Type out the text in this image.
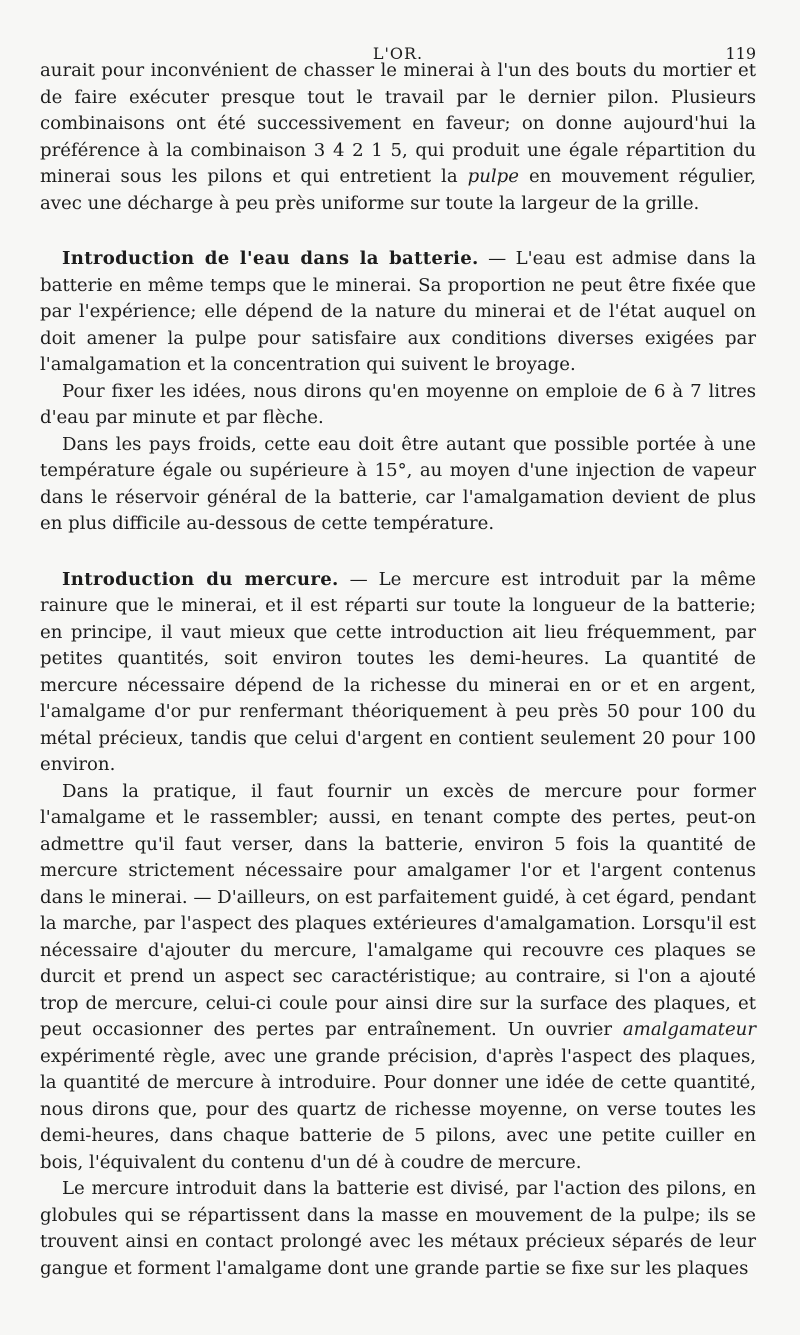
L'OR.	119

aurait pour inconvénient de chasser le minerai à l'un des bouts du mortier et de faire exécuter presque tout le travail par le dernier pilon. Plusieurs combinaisons ont été successivement en faveur; on donne aujourd'hui la préférence à la combinaison 3 4 2 1 5, qui produit une égale répartition du minerai sous les pilons et qui entretient la pulpe en mouvement régulier, avec une décharge à peu près uniforme sur toute la largeur de la grille.

Introduction de l'eau dans la batterie. — L'eau est admise dans la batterie en même temps que le minerai. Sa proportion ne peut être fixée que par l'expérience; elle dépend de la nature du minerai et de l'état auquel on doit amener la pulpe pour satisfaire aux conditions diverses exigées par l'amalgamation et la concentration qui suivent le broyage.

Pour fixer les idées, nous dirons qu'en moyenne on emploie de 6 à 7 litres d'eau par minute et par flèche.

Dans les pays froids, cette eau doit être autant que possible portée à une température égale ou supérieure à 15°, au moyen d'une injection de vapeur dans le réservoir général de la batterie, car l'amalgamation devient de plus en plus difficile au-dessous de cette température.

Introduction du mercure. — Le mercure est introduit par la même rainure que le minerai, et il est réparti sur toute la longueur de la batterie; en principe, il vaut mieux que cette introduction ait lieu fréquemment, par petites quantités, soit environ toutes les demi-heures. La quantité de mercure nécessaire dépend de la richesse du minerai en or et en argent, l'amalgame d'or pur renfermant théoriquement à peu près 50 pour 100 du métal précieux, tandis que celui d'argent en contient seulement 20 pour 100 environ.

Dans la pratique, il faut fournir un excès de mercure pour former l'amalgame et le rassembler; aussi, en tenant compte des pertes, peut-on admettre qu'il faut verser, dans la batterie, environ 5 fois la quantité de mercure strictement nécessaire pour amalgamer l'or et l'argent contenus dans le minerai. — D'ailleurs, on est parfaitement guidé, à cet égard, pendant la marche, par l'aspect des plaques extérieures d'amalgamation. Lorsqu'il est nécessaire d'ajouter du mercure, l'amalgame qui recouvre ces plaques se durcit et prend un aspect sec caractéristique; au contraire, si l'on a ajouté trop de mercure, celui-ci coule pour ainsi dire sur la surface des plaques, et peut occasionner des pertes par entraînement. Un ouvrier amalgamateur expérimenté règle, avec une grande précision, d'après l'aspect des plaques, la quantité de mercure à introduire. Pour donner une idée de cette quantité, nous dirons que, pour des quartz de richesse moyenne, on verse toutes les demi-heures, dans chaque batterie de 5 pilons, avec une petite cuiller en bois, l'équivalent du contenu d'un dé à coudre de mercure.

Le mercure introduit dans la batterie est divisé, par l'action des pilons, en globules qui se répartissent dans la masse en mouvement de la pulpe; ils se trouvent ainsi en contact prolongé avec les métaux précieux séparés de leur gangue et forment l'amalgame dont une grande partie se fixe sur les plaques
